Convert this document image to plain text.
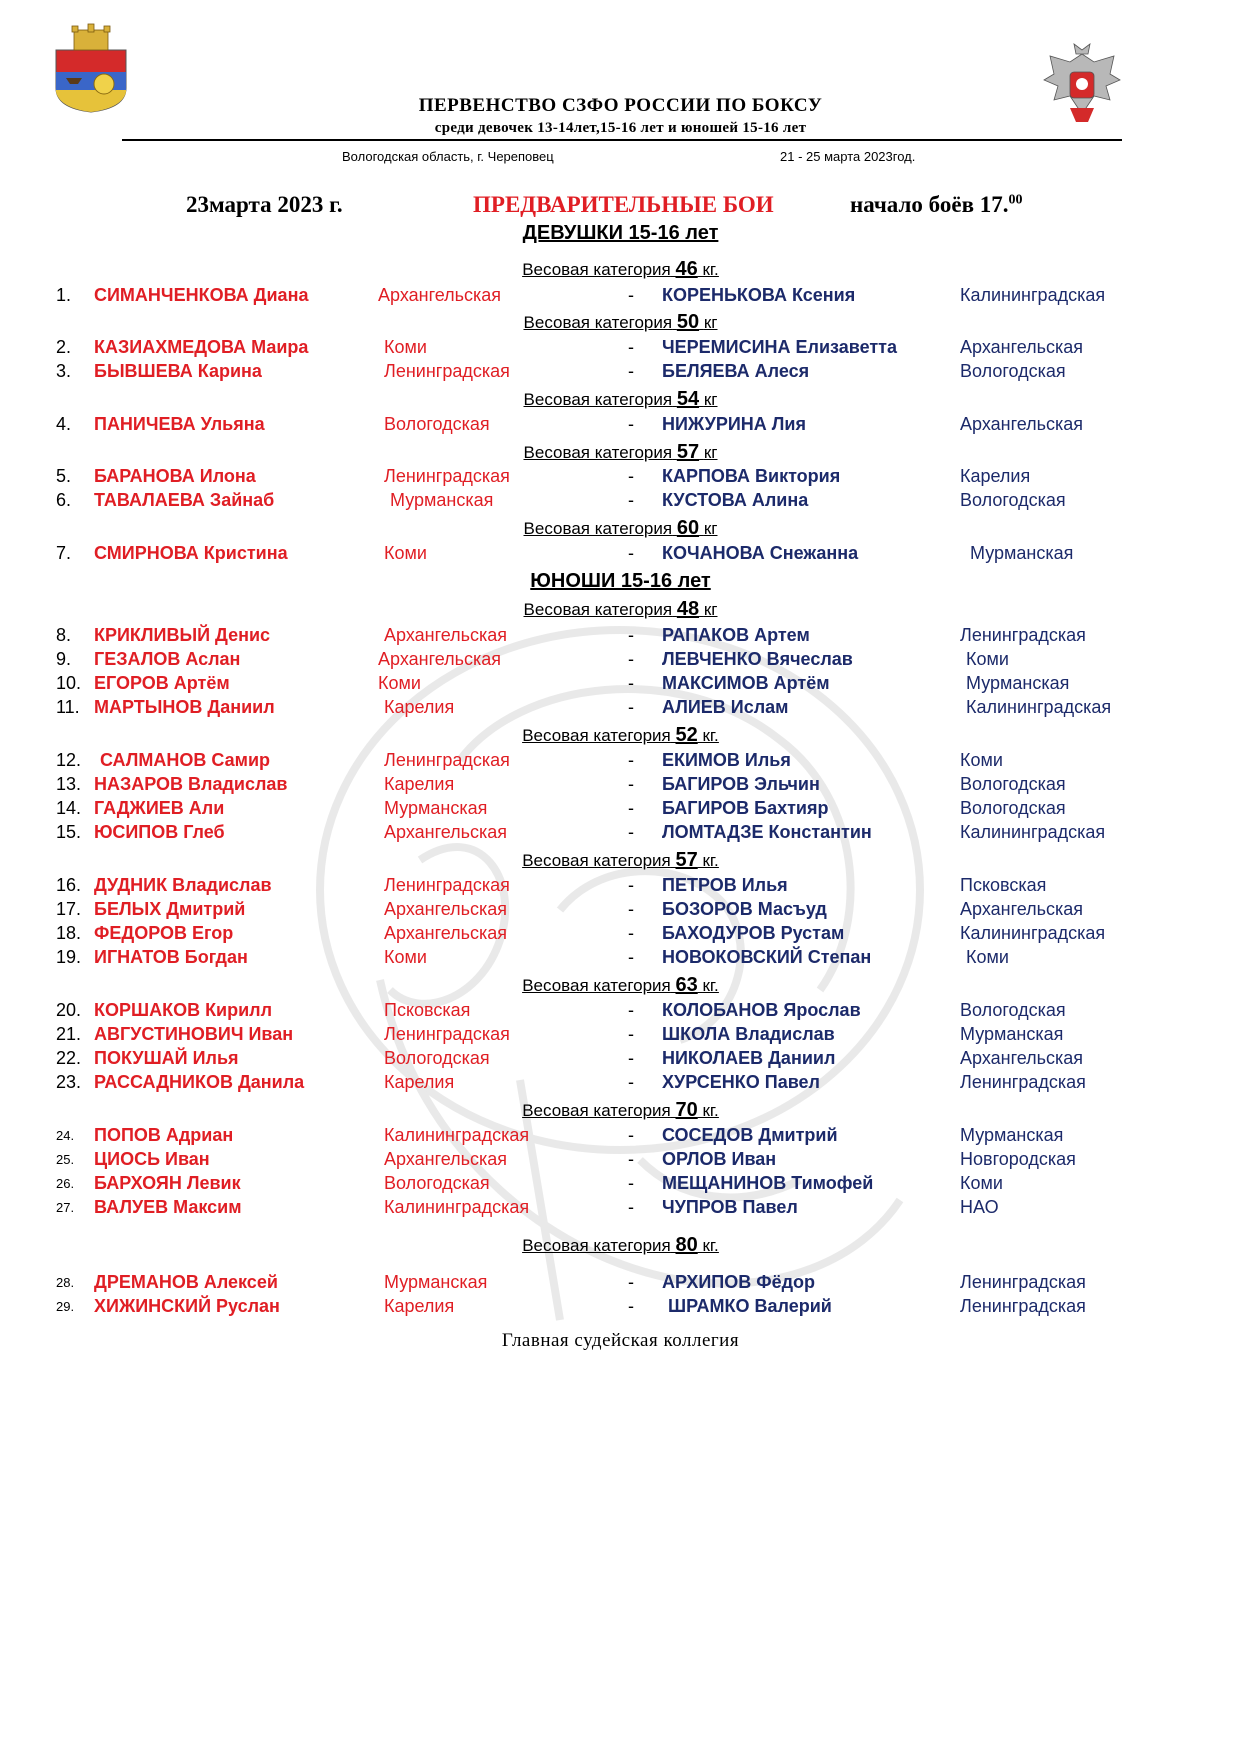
ПЕРВЕНСТВО СЗФО РОССИИ ПО БОКСУ
среди девочек 13-14лет,15-16 лет и юношей 15-16 лет
Вологодская область, г. Череповец	21 - 25 марта 2023год.
23марта 2023 г.	ПРЕДВАРИТЕЛЬНЫЕ БОИ	начало боёв 17.00
ДЕВУШКИ 15-16 лет
Весовая категория 46 кг.
1. СИМАНЧЕНКОВА Диана	Архангельская	- КОРЕНЬКОВА Ксения	Калининградская
Весовая категория 50 кг
2. КАЗИАХМЕДОВА Маира	Коми	- ЧЕРЕМИСИНА Елизаветта	Архангельская
3. БЫВШЕВА Карина	Ленинградская	- БЕЛЯЕВА Алеся	Вологодская
Весовая категория 54 кг
4. ПАНИЧЕВА Ульяна	Вологодская	- НИЖУРИНА Лия	Архангельская
Весовая категория 57 кг
5. БАРАНОВА Илона	Ленинградская	- КАРПОВА Виктория	Карелия
6. ТАВАЛАЕВА Зайнаб	Мурманская	- КУСТОВА Алина	Вологодская
Весовая категория 60 кг
7. СМИРНОВА Кристина	Коми	- КОЧАНОВА Снежанна	Мурманская
ЮНОШИ 15-16 лет
Весовая категория 48 кг
8. КРИКЛИВЫЙ Денис	Архангельская	- РАПАКОВ Артем	Ленинградская
9. ГЕЗАЛОВ Аслан	Архангельская	- ЛЕВЧЕНКО Вячеслав	Коми
10. ЕГОРОВ Артём	Коми	- МАКСИМОВ Артём	Мурманская
11. МАРТЫНОВ Даниил	Карелия	- АЛИЕВ Ислам	Калининградская
Весовая категория 52 кг.
12. САЛМАНОВ Самир	Ленинградская	- ЕКИМОВ Илья	Коми
13. НАЗАРОВ Владислав	Карелия	- БАГИРОВ Эльчин	Вологодская
14. ГАДЖИЕВ Али	Мурманская	- БАГИРОВ Бахтияр	Вологодская
15. ЮСИПОВ Глеб	Архангельская	- ЛОМТАДЗЕ Константин	Калининградская
Весовая категория 57 кг.
16. ДУДНИК Владислав	Ленинградская	- ПЕТРОВ Илья	Псковская
17. БЕЛЫХ Дмитрий	Архангельская	- БОЗОРОВ Масъуд	Архангельская
18. ФЕДОРОВ Егор	Архангельская	- БАХОДУРОВ Рустам	Калининградская
19. ИГНАТОВ Богдан	Коми	- НОВОКОВСКИЙ Степан	Коми
Весовая категория 63 кг.
20. КОРШАКОВ Кирилл	Псковская	- КОЛОБАНОВ Ярослав	Вологодская
21. АВГУСТИНОВИЧ Иван	Ленинградская	- ШКОЛА Владислав	Мурманская
22. ПОКУШАЙ Илья	Вологодская	- НИКОЛАЕВ Даниил	Архангельская
23. РАССАДНИКОВ Данила	Карелия	- ХУРСЕНКО Павел	Ленинградская
Весовая категория 70 кг.
24. ПОПОВ Адриан	Калининградская	- СОСЕДОВ Дмитрий	Мурманская
25. ЦИОСЬ Иван	Архангельская	- ОРЛОВ Иван	Новгородская
26. БАРХОЯН Левик	Вологодская	- МЕЩАНИНОВ Тимофей	Коми
27. ВАЛУЕВ Максим	Калининградская	- ЧУПРОВ Павел	НАО
Весовая категория 80 кг.
28. ДРЕМАНОВ Алексей	Мурманская	- АРХИПОВ Фёдор	Ленинградская
29. ХИЖИНСКИЙ Руслан	Карелия	- ШРАМКО Валерий	Ленинградская
Главная судейская коллегия
